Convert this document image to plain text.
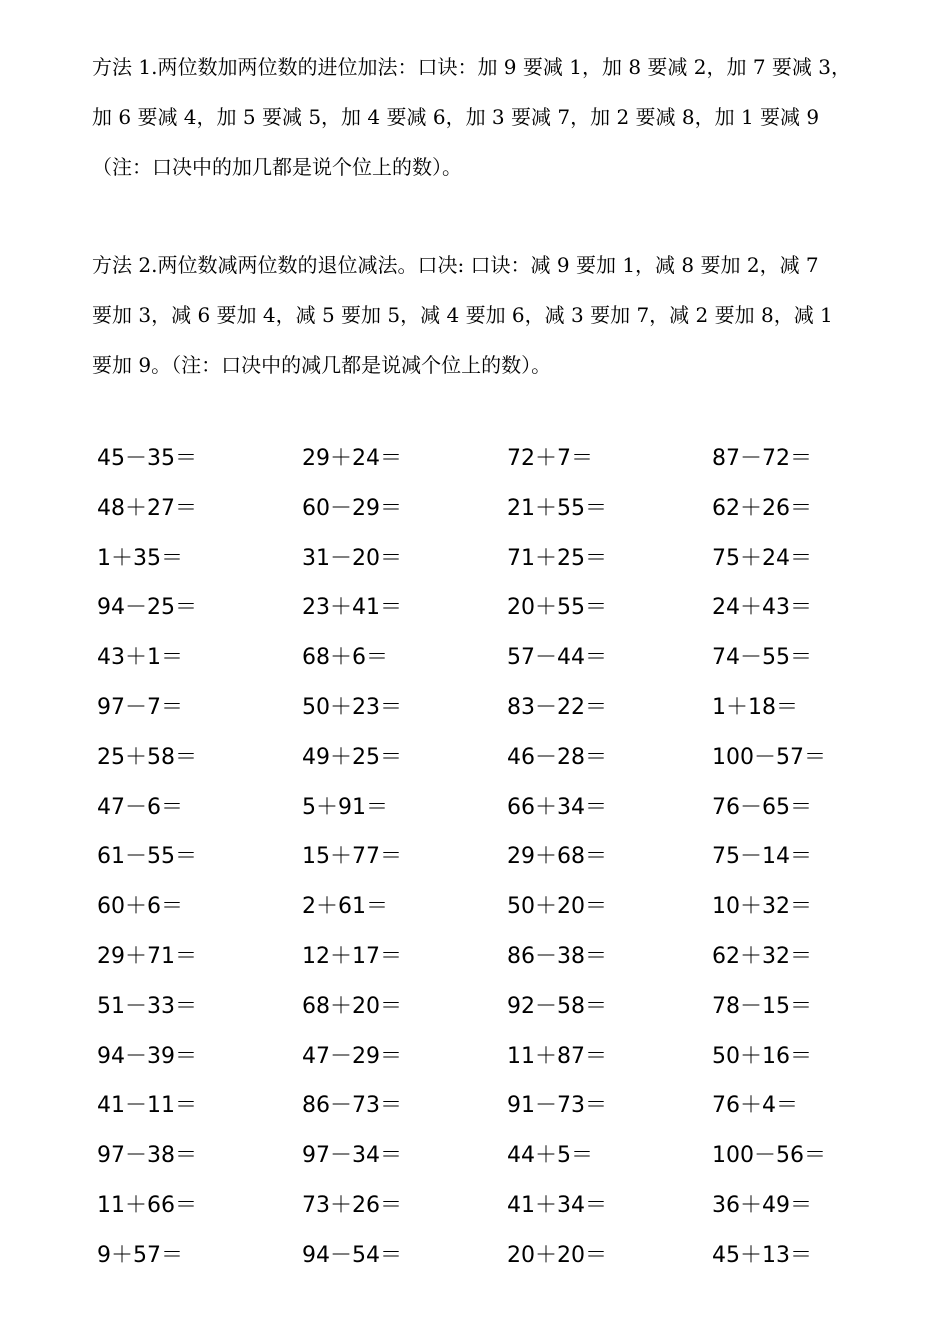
方法 1.两位数加两位数的进位加法：口诀：加 9 要减 1，加 8 要减 2，加 7 要减 3，
加 6 要减 4，加 5 要减 5，加 4 要减 6，加 3 要减 7，加 2 要减 8，加 1 要减 9
（注：口决中的加几都是说个位上的数）。
方法 2.两位数减两位数的退位减法。口决: 口诀：减 9 要加 1，减 8 要加 2，减 7
要加 3，减 6 要加 4，减 5 要加 5，减 4 要加 6，减 3 要加 7，减 2 要加 8，减 1
要加 9。（注：口决中的减几都是说减个位上的数）。
45－35＝	29＋24＝	72＋7＝	87－72＝
48＋27＝	60－29＝	21＋55＝	62＋26＝
1＋35＝	31－20＝	71＋25＝	75＋24＝
94－25＝	23＋41＝	20＋55＝	24＋43＝
43＋1＝	68＋6＝	57－44＝	74－55＝
97－7＝	50＋23＝	83－22＝	1＋18＝
25＋58＝	49＋25＝	46－28＝	100－57＝
47－6＝	5＋91＝	66＋34＝	76－65＝
61－55＝	15＋77＝	29＋68＝	75－14＝
60＋6＝	2＋61＝	50＋20＝	10＋32＝
29＋71＝	12＋17＝	86－38＝	62＋32＝
51－33＝	68＋20＝	92－58＝	78－15＝
94－39＝	47－29＝	11＋87＝	50＋16＝
41－11＝	86－73＝	91－73＝	76＋4＝
97－38＝	97－34＝	44＋5＝	100－56＝
11＋66＝	73＋26＝	41＋34＝	36＋49＝
9＋57＝	94－54＝	20＋20＝	45＋13＝
